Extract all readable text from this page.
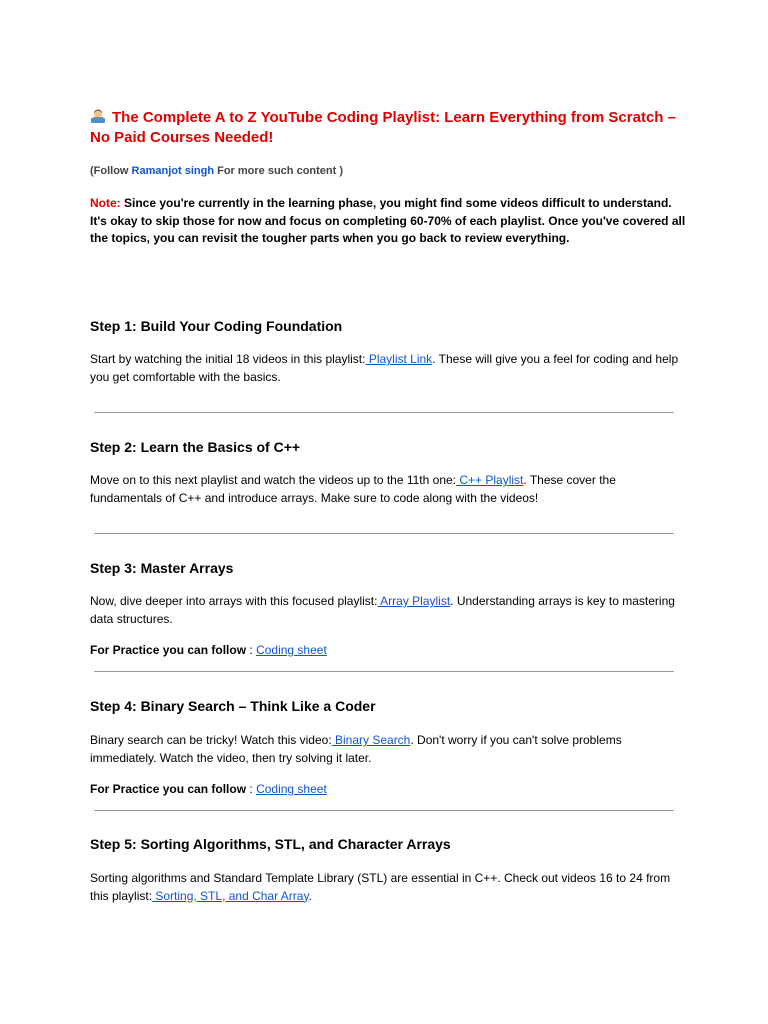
The Complete A to Z YouTube Coding Playlist: Learn Everything from Scratch – No Paid Courses Needed!

(Follow Ramanjot singh For more such content )

Note: Since you're currently in the learning phase, you might find some videos difficult to understand. It's okay to skip those for now and focus on completing 60-70% of each playlist. Once you've covered all the topics, you can revisit the tougher parts when you go back to review everything.

Step 1: Build Your Coding Foundation

Start by watching the initial 18 videos in this playlist: Playlist Link. These will give you a feel for coding and help you get comfortable with the basics.

Step 2: Learn the Basics of C++

Move on to this next playlist and watch the videos up to the 11th one: C++ Playlist. These cover the fundamentals of C++ and introduce arrays. Make sure to code along with the videos!

Step 3: Master Arrays

Now, dive deeper into arrays with this focused playlist: Array Playlist. Understanding arrays is key to mastering data structures.

For Practice you can follow : Coding sheet

Step 4: Binary Search – Think Like a Coder

Binary search can be tricky! Watch this video: Binary Search. Don't worry if you can't solve problems immediately. Watch the video, then try solving it later.

For Practice you can follow : Coding sheet

Step 5: Sorting Algorithms, STL, and Character Arrays

Sorting algorithms and Standard Template Library (STL) are essential in C++. Check out videos 16 to 24 from this playlist: Sorting, STL, and Char Array.
